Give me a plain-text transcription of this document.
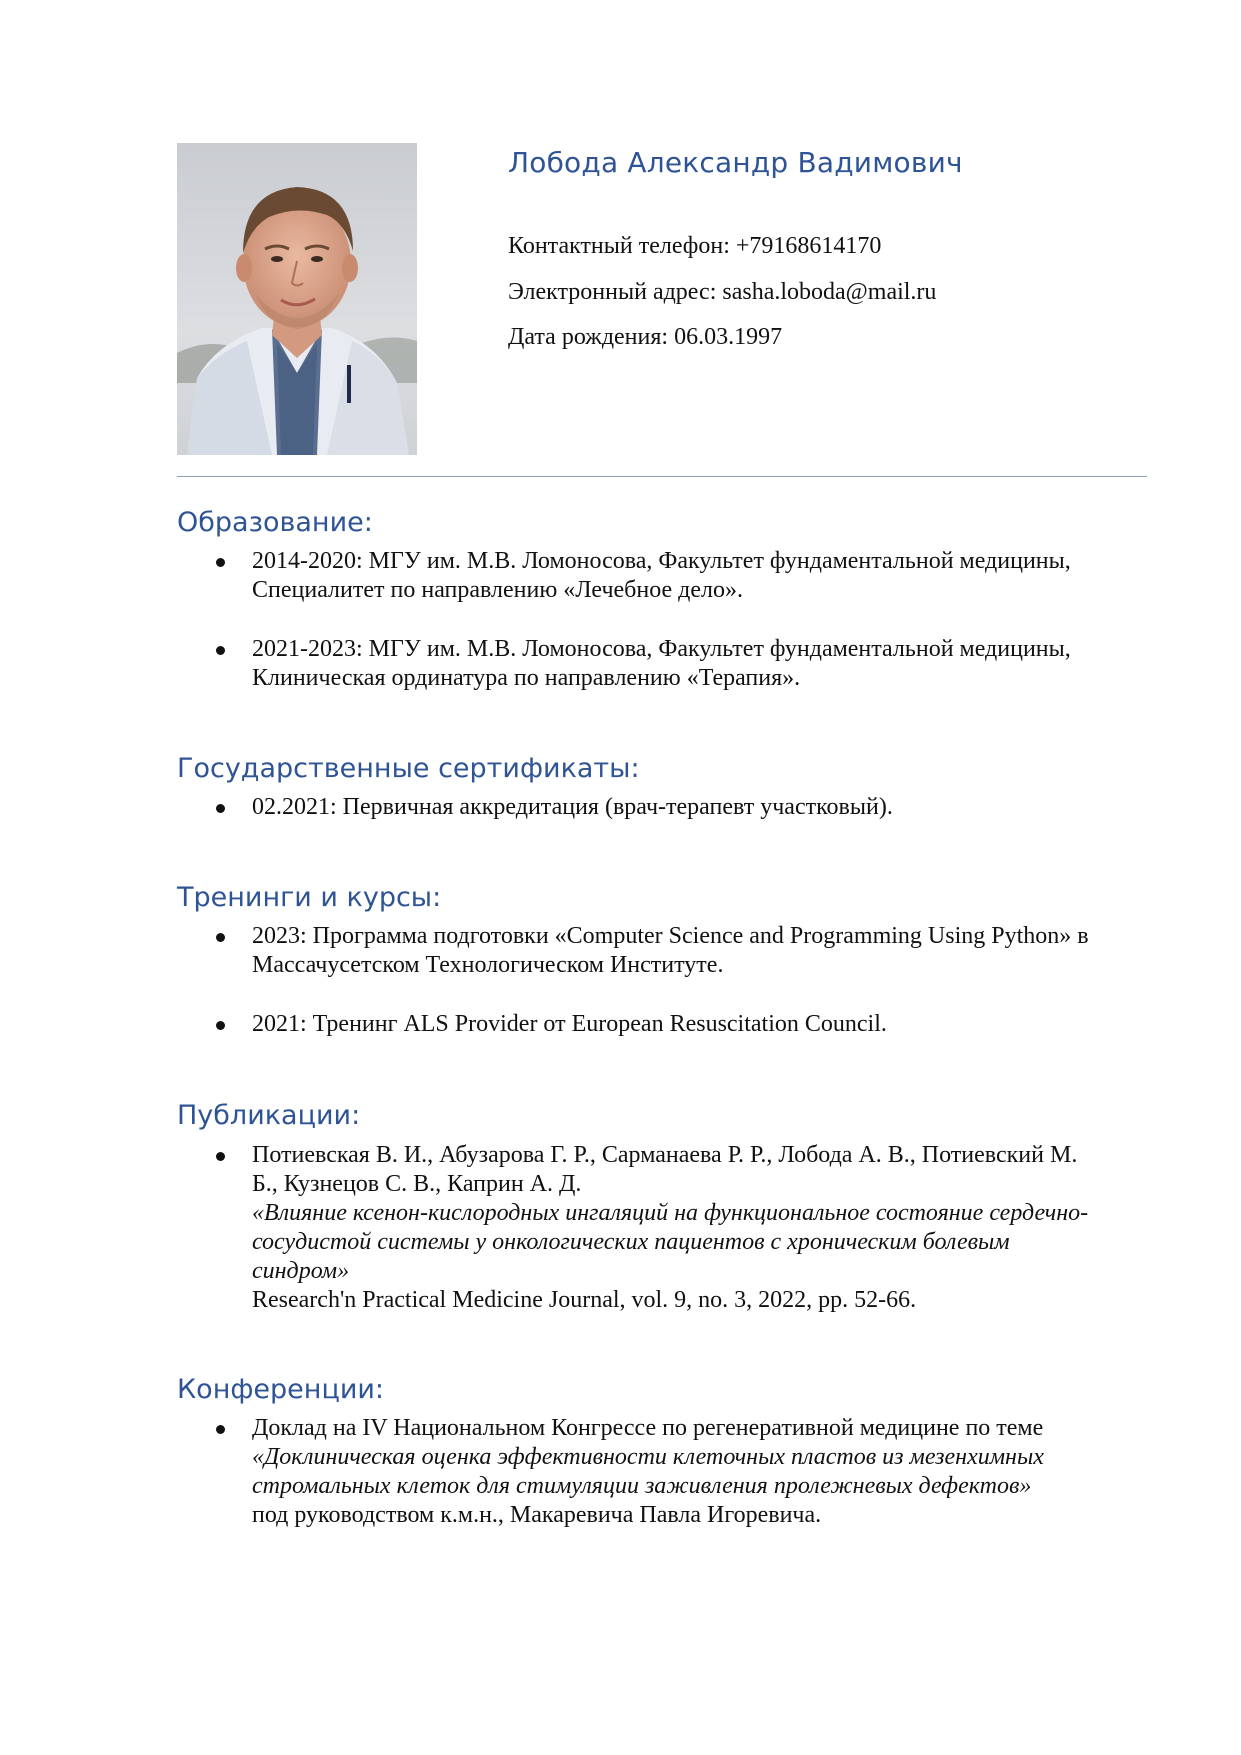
Лобода Александр Вадимович
Контактный телефон: +79168614170
Электронный адрес: sasha.loboda@mail.ru
Дата рождения: 06.03.1997
Образование:
2014-2020: МГУ им. М.В. Ломоносова, Факультет фундаментальной медицины,
Специалитет по направлению «Лечебное дело».
2021-2023: МГУ им. М.В. Ломоносова, Факультет фундаментальной медицины,
Клиническая ординатура по направлению «Терапия».
Государственные сертификаты:
02.2021: Первичная аккредитация (врач-терапевт участковый).
Тренинги и курсы:
2023: Программа подготовки «Computer Science and Programming Using Python» в
Массачусетском Технологическом Институте.
2021: Тренинг ALS Provider от European Resuscitation Council.
Публикации:
Потиевская В. И., Абузарова Г. Р., Сарманаева Р. Р., Лобода А. В., Потиевский М.
Б., Кузнецов С. В., Каприн А. Д.
«Влияние ксенон-кислородных ингаляций на функциональное состояние сердечно-
сосудистой системы у онкологических пациентов с хроническим болевым
синдром»
Research'n Practical Medicine Journal, vol. 9, no. 3, 2022, pp. 52-66.
Конференции:
Доклад на IV Национальном Конгрессе по регенеративной медицине по теме
«Доклиническая оценка эффективности клеточных пластов из мезенхимных
стромальных клеток для стимуляции заживления пролежневых дефектов»
под руководством к.м.н., Макаревича Павла Игоревича.
